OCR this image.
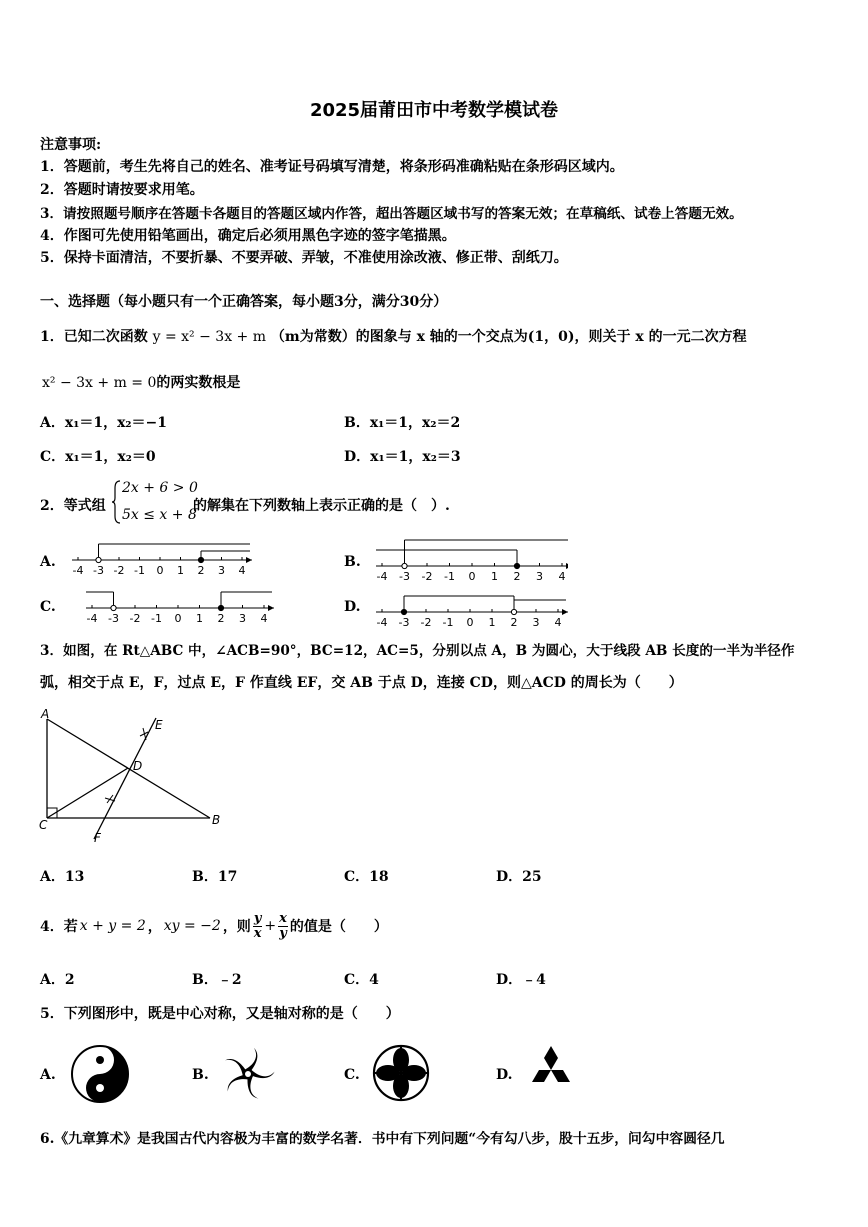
2025届莆田市中考数学模试卷
注意事项:
1．答题前，考生先将自己的姓名、准考证号码填写清楚，将条形码准确粘贴在条形码区域内。
2．答题时请按要求用笔。
3．请按照题号顺序在答题卡各题目的答题区域内作答，超出答题区域书写的答案无效；在草稿纸、试卷上答题无效。
4．作图可先使用铅笔画出，确定后必须用黑色字迹的签字笔描黑。
5．保持卡面清洁，不要折暴、不要弄破、弄皱，不准使用涂改液、修正带、刮纸刀。
一、选择题（每小题只有一个正确答案，每小题3分，满分30分）
1．已知二次函数 y = x² − 3x + m （m为常数）的图象与 x 轴的一个交点为(1，0)，则关于 x 的一元二次方程
x² − 3x + m = 0的两实数根是
A．x₁＝1，x₂＝−1	B．x₁＝1，x₂＝2
C．x₁＝1，x₂＝0	D．x₁＝1，x₂＝3
2．等式组
2x + 6 > 0
5x ≤ x + 8
的解集在下列数轴上表示正确的是（　）.
A.	B.
C.	D.
-4 -3 -2 -1 0 1 2 3 4	-4 -3 -2 -1 0 1 2 3 4
-4 -3 -2 -1 0 1 2 3 4	-4 -3 -2 -1 0 1 2 3 4
3．如图，在 Rt△ABC 中，∠ACB=90°，BC=12，AC=5，分别以点 A，B 为圆心，大于线段 AB 长度的一半为半径作
弧，相交于点 E，F，过点 E，F 作直线 EF，交 AB 于点 D，连接 CD，则△ACD 的周长为（　　）
A
B
C
D
E
F
A．13	B．17	C．18	D．25
4．若 x + y = 2 ， xy = −2 ，则 $\frac{y}{x} + \frac{x}{y}$ 的值是（　　）
A．2	B．﹣2	C．4	D．﹣4
5．下列图形中，既是中心对称，又是轴对称的是（　　）
A.	B.	C.	D.
6.《九章算术》是我国古代内容极为丰富的数学名著．书中有下列问题“今有勾八步，股十五步，问勾中容圆径几
